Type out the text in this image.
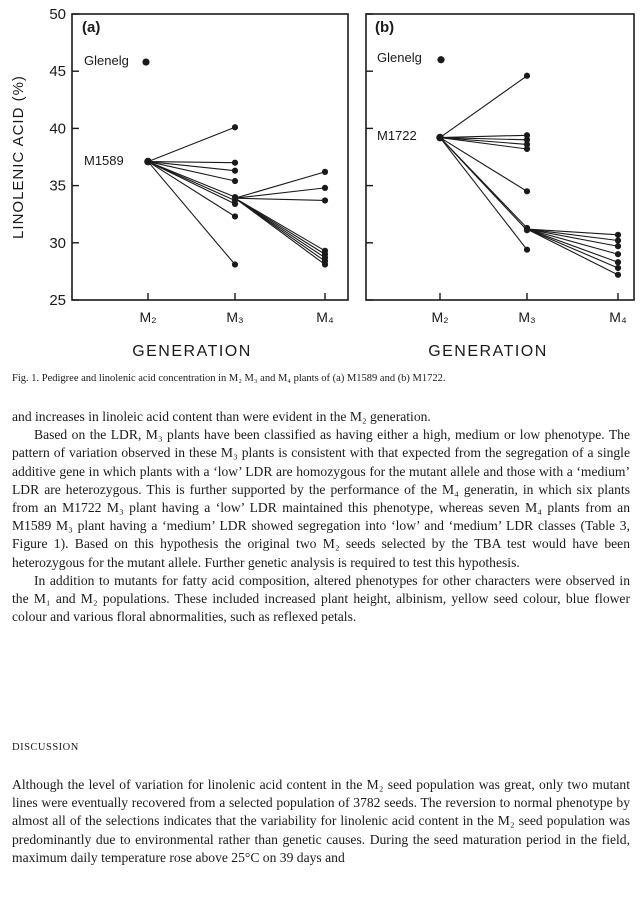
(a)
LINOLENIC ACID (%)
50
45
40
35
30
25
M₂	M₃	M₄
GENERATION
Glenelg
M1589
(b)
M₂	M₃	M₄
GENERATION
Glenelg
M1722
Fig. 1. Pedigree and linolenic acid concentration in M₂ M₃ and M₄ plants of (a) M1589 and (b) M1722.

and increases in linoleic acid content than were evident in the M₂ generation.

Based on the LDR, M₃ plants have been classified as having either a high, medium or low phenotype. The pattern of variation observed in these M₃ plants is consistent with that expected from the segregation of a single additive gene in which plants with a ‘low’ LDR are homozygous for the mutant allele and those with a ‘medium’ LDR are heterozygous. This is further supported by the performance of the M₄ generatin, in which six plants from an M1722 M₃ plant having a ‘low’ LDR maintained this phenotype, whereas seven M₄ plants from an M1589 M₃ plant having a ‘medium’ LDR showed segregation into ‘low’ and ‘medium’ LDR classes (Table 3, Figure 1). Based on this hypothesis the original two M₂ seeds selected by the TBA test would have been heterozygous for the mutant allele. Further genetic analysis is required to test this hypothesis.

In addition to mutants for fatty acid composition, altered phenotypes for other characters were observed in the M₁ and M₂ populations. These included increased plant height, albinism, yellow seed colour, blue flower colour and various floral abnormalities, such as reflexed petals.

DISCUSSION

Although the level of variation for linolenic acid content in the M₂ seed population was great, only two mutant lines were eventually recovered from a selected population of 3782 seeds. The reversion to normal phenotype by almost all of the selections indicates that the variability for linolenic acid content in the M₂ seed population was predominantly due to environmental rather than genetic causes. During the seed maturation period in the field, maximum daily temperature rose above 25°C on 39 days and
